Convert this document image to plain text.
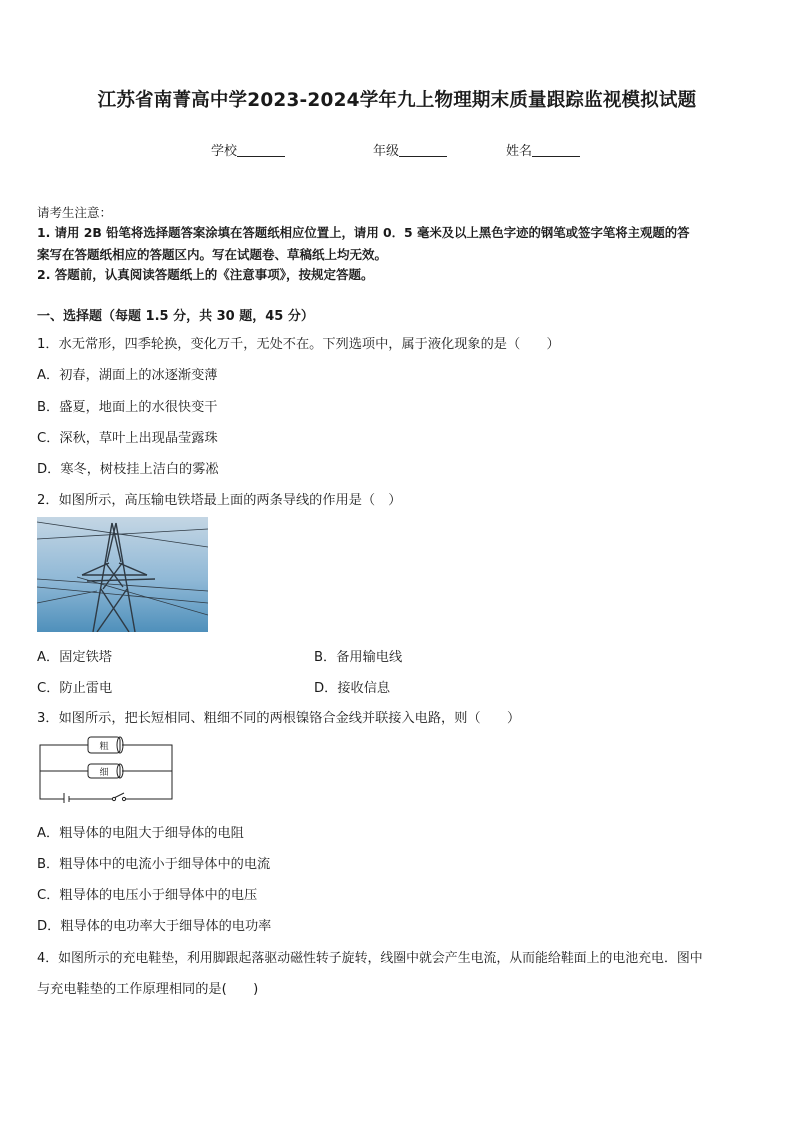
江苏省南菁高中学2023-2024学年九上物理期末质量跟踪监视模拟试题
学校	年级	姓名
请考生注意：
1. 请用 2B 铅笔将选择题答案涂填在答题纸相应位置上，请用 0．5 毫米及以上黑色字迹的钢笔或签字笔将主观题的答
案写在答题纸相应的答题区内。写在试题卷、草稿纸上均无效。
2. 答题前，认真阅读答题纸上的《注意事项》，按规定答题。
一、选择题（每题 1.5 分，共 30 题，45 分）
1．水无常形，四季轮换，变化万千，无处不在。下列选项中，属于液化现象的是（　　）
A．初春，湖面上的冰逐渐变薄
B．盛夏，地面上的水很快变干
C．深秋，草叶上出现晶莹露珠
D．寒冬，树枝挂上洁白的雾凇
2．如图所示，高压输电铁塔最上面的两条导线的作用是（　）
A．固定铁塔	B．备用输电线
C．防止雷电	D．接收信息
3．如图所示，把长短相同、粗细不同的两根镍铬合金线并联接入电路，则（　　）
粗
细
A．粗导体的电阻大于细导体的电阻
B．粗导体中的电流小于细导体中的电流
C．粗导体的电压小于细导体中的电压
D．粗导体的电功率大于细导体的电功率
4．如图所示的充电鞋垫，利用脚跟起落驱动磁性转子旋转，线圈中就会产生电流，从而能给鞋面上的电池充电．图中
与充电鞋垫的工作原理相同的是(　　)
